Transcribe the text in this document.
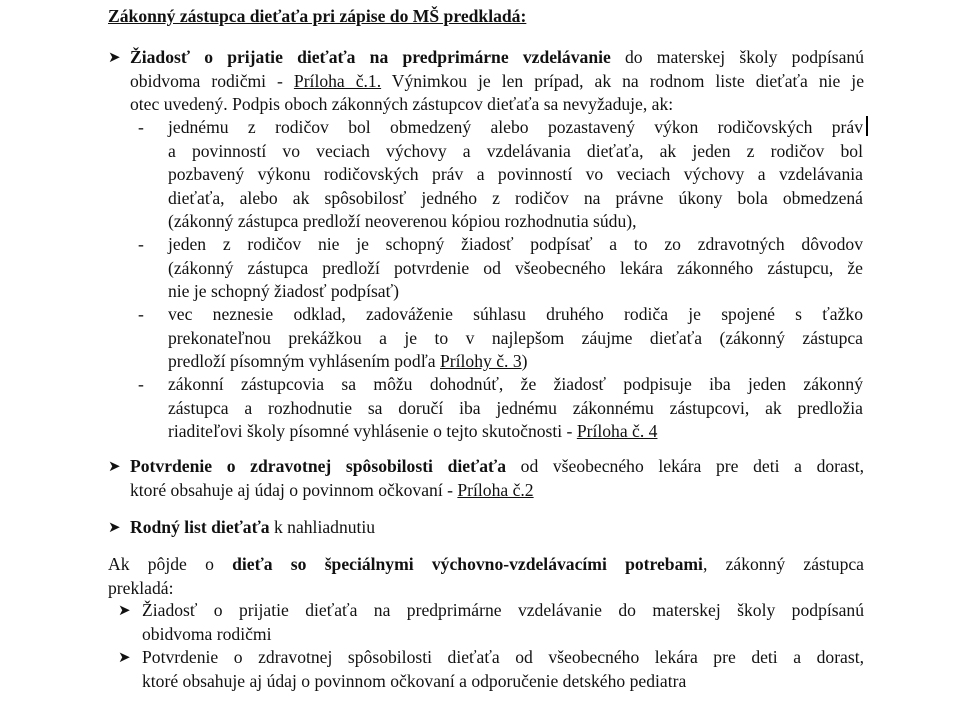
Zákonný zástupca dieťaťa pri zápise do MŠ predkladá:
➤ Žiadosť o prijatie dieťaťa na predprimárne vzdelávanie do materskej školy podpísanú
obidvoma rodičmi - Príloha č.1. Výnimkou je len prípad, ak na rodnom liste dieťaťa nie je
otec uvedený. Podpis oboch zákonných zástupcov dieťaťa sa nevyžaduje, ak:
-	jednému z rodičov bol obmedzený alebo pozastavený výkon rodičovských práv
a povinností vo veciach výchovy a vzdelávania dieťaťa, ak jeden z rodičov bol
pozbavený výkonu rodičovských práv a povinností vo veciach výchovy a vzdelávania
dieťaťa, alebo ak spôsobilosť jedného z rodičov na právne úkony bola obmedzená
(zákonný zástupca predloží neoverenou kópiou rozhodnutia súdu),
-	jeden z rodičov nie je schopný žiadosť podpísať a to zo zdravotných dôvodov
(zákonný zástupca predloží potvrdenie od všeobecného lekára zákonného zástupcu, že
nie je schopný žiadosť podpísať)
-	vec neznesie odklad, zadováženie súhlasu druhého rodiča je spojené s ťažko
prekonateľnou prekážkou a je to v najlepšom záujme dieťaťa (zákonný zástupca
predloží písomným vyhlásením podľa Prílohy č. 3)
-	zákonní zástupcovia sa môžu dohodnúť, že žiadosť podpisuje iba jeden zákonný
zástupca a rozhodnutie sa doručí iba jednému zákonnému zástupcovi, ak predložia
riaditeľovi školy písomné vyhlásenie o tejto skutočnosti - Príloha č. 4
➤ Potvrdenie o zdravotnej spôsobilosti dieťaťa od všeobecného lekára pre deti a dorast,
ktoré obsahuje aj údaj o povinnom očkovaní - Príloha č.2
➤ Rodný list dieťaťa k nahliadnutiu
Ak pôjde o dieťa so špeciálnymi výchovno-vzdelávacími potrebami, zákonný zástupca
prekladá:
➤ Žiadosť o prijatie dieťaťa na predprimárne vzdelávanie do materskej školy podpísanú
obidvoma rodičmi
➤ Potvrdenie o zdravotnej spôsobilosti dieťaťa od všeobecného lekára pre deti a dorast,
ktoré obsahuje aj údaj o povinnom očkovaní a odporučenie detského pediatra
